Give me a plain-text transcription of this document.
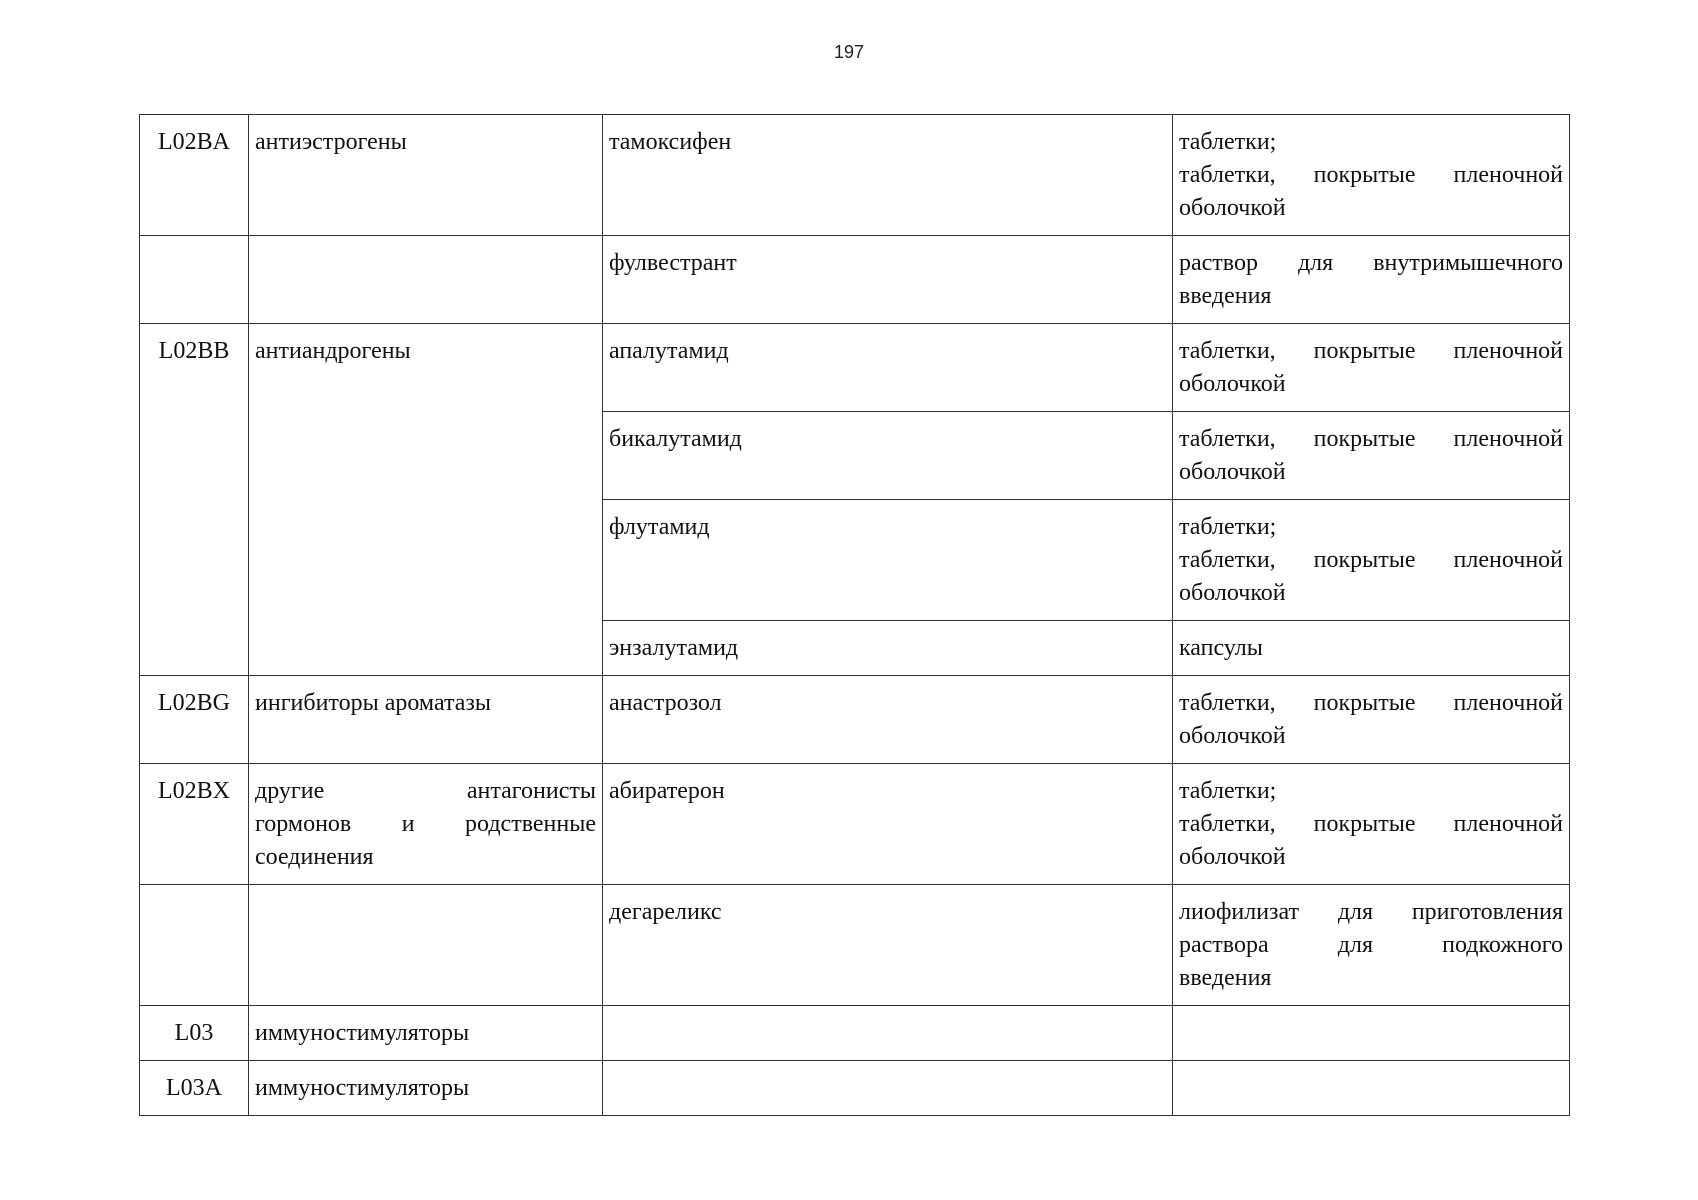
197
L02BA	антиэстрогены	тамоксифен	таблетки;
таблетки, покрытые пленочной
оболочкой

		фулвестрант	раствор для внутримышечного
введения

L02BB	антиандрогены	апалутамид	таблетки, покрытые пленочной
оболочкой

		бикалутамид	таблетки, покрытые пленочной
оболочкой

		флутамид	таблетки;
таблетки, покрытые пленочной
оболочкой

		энзалутамид	капсулы

L02BG	ингибиторы ароматазы	анастрозол	таблетки, покрытые пленочной
оболочкой

L02BX	другие антагонисты
гормонов и родственные
соединения	абиратерон	таблетки;
таблетки, покрытые пленочной
оболочкой

		дегареликс	лиофилизат для приготовления
раствора для подкожного
введения

L03	иммуностимуляторы		

L03A	иммуностимуляторы		
